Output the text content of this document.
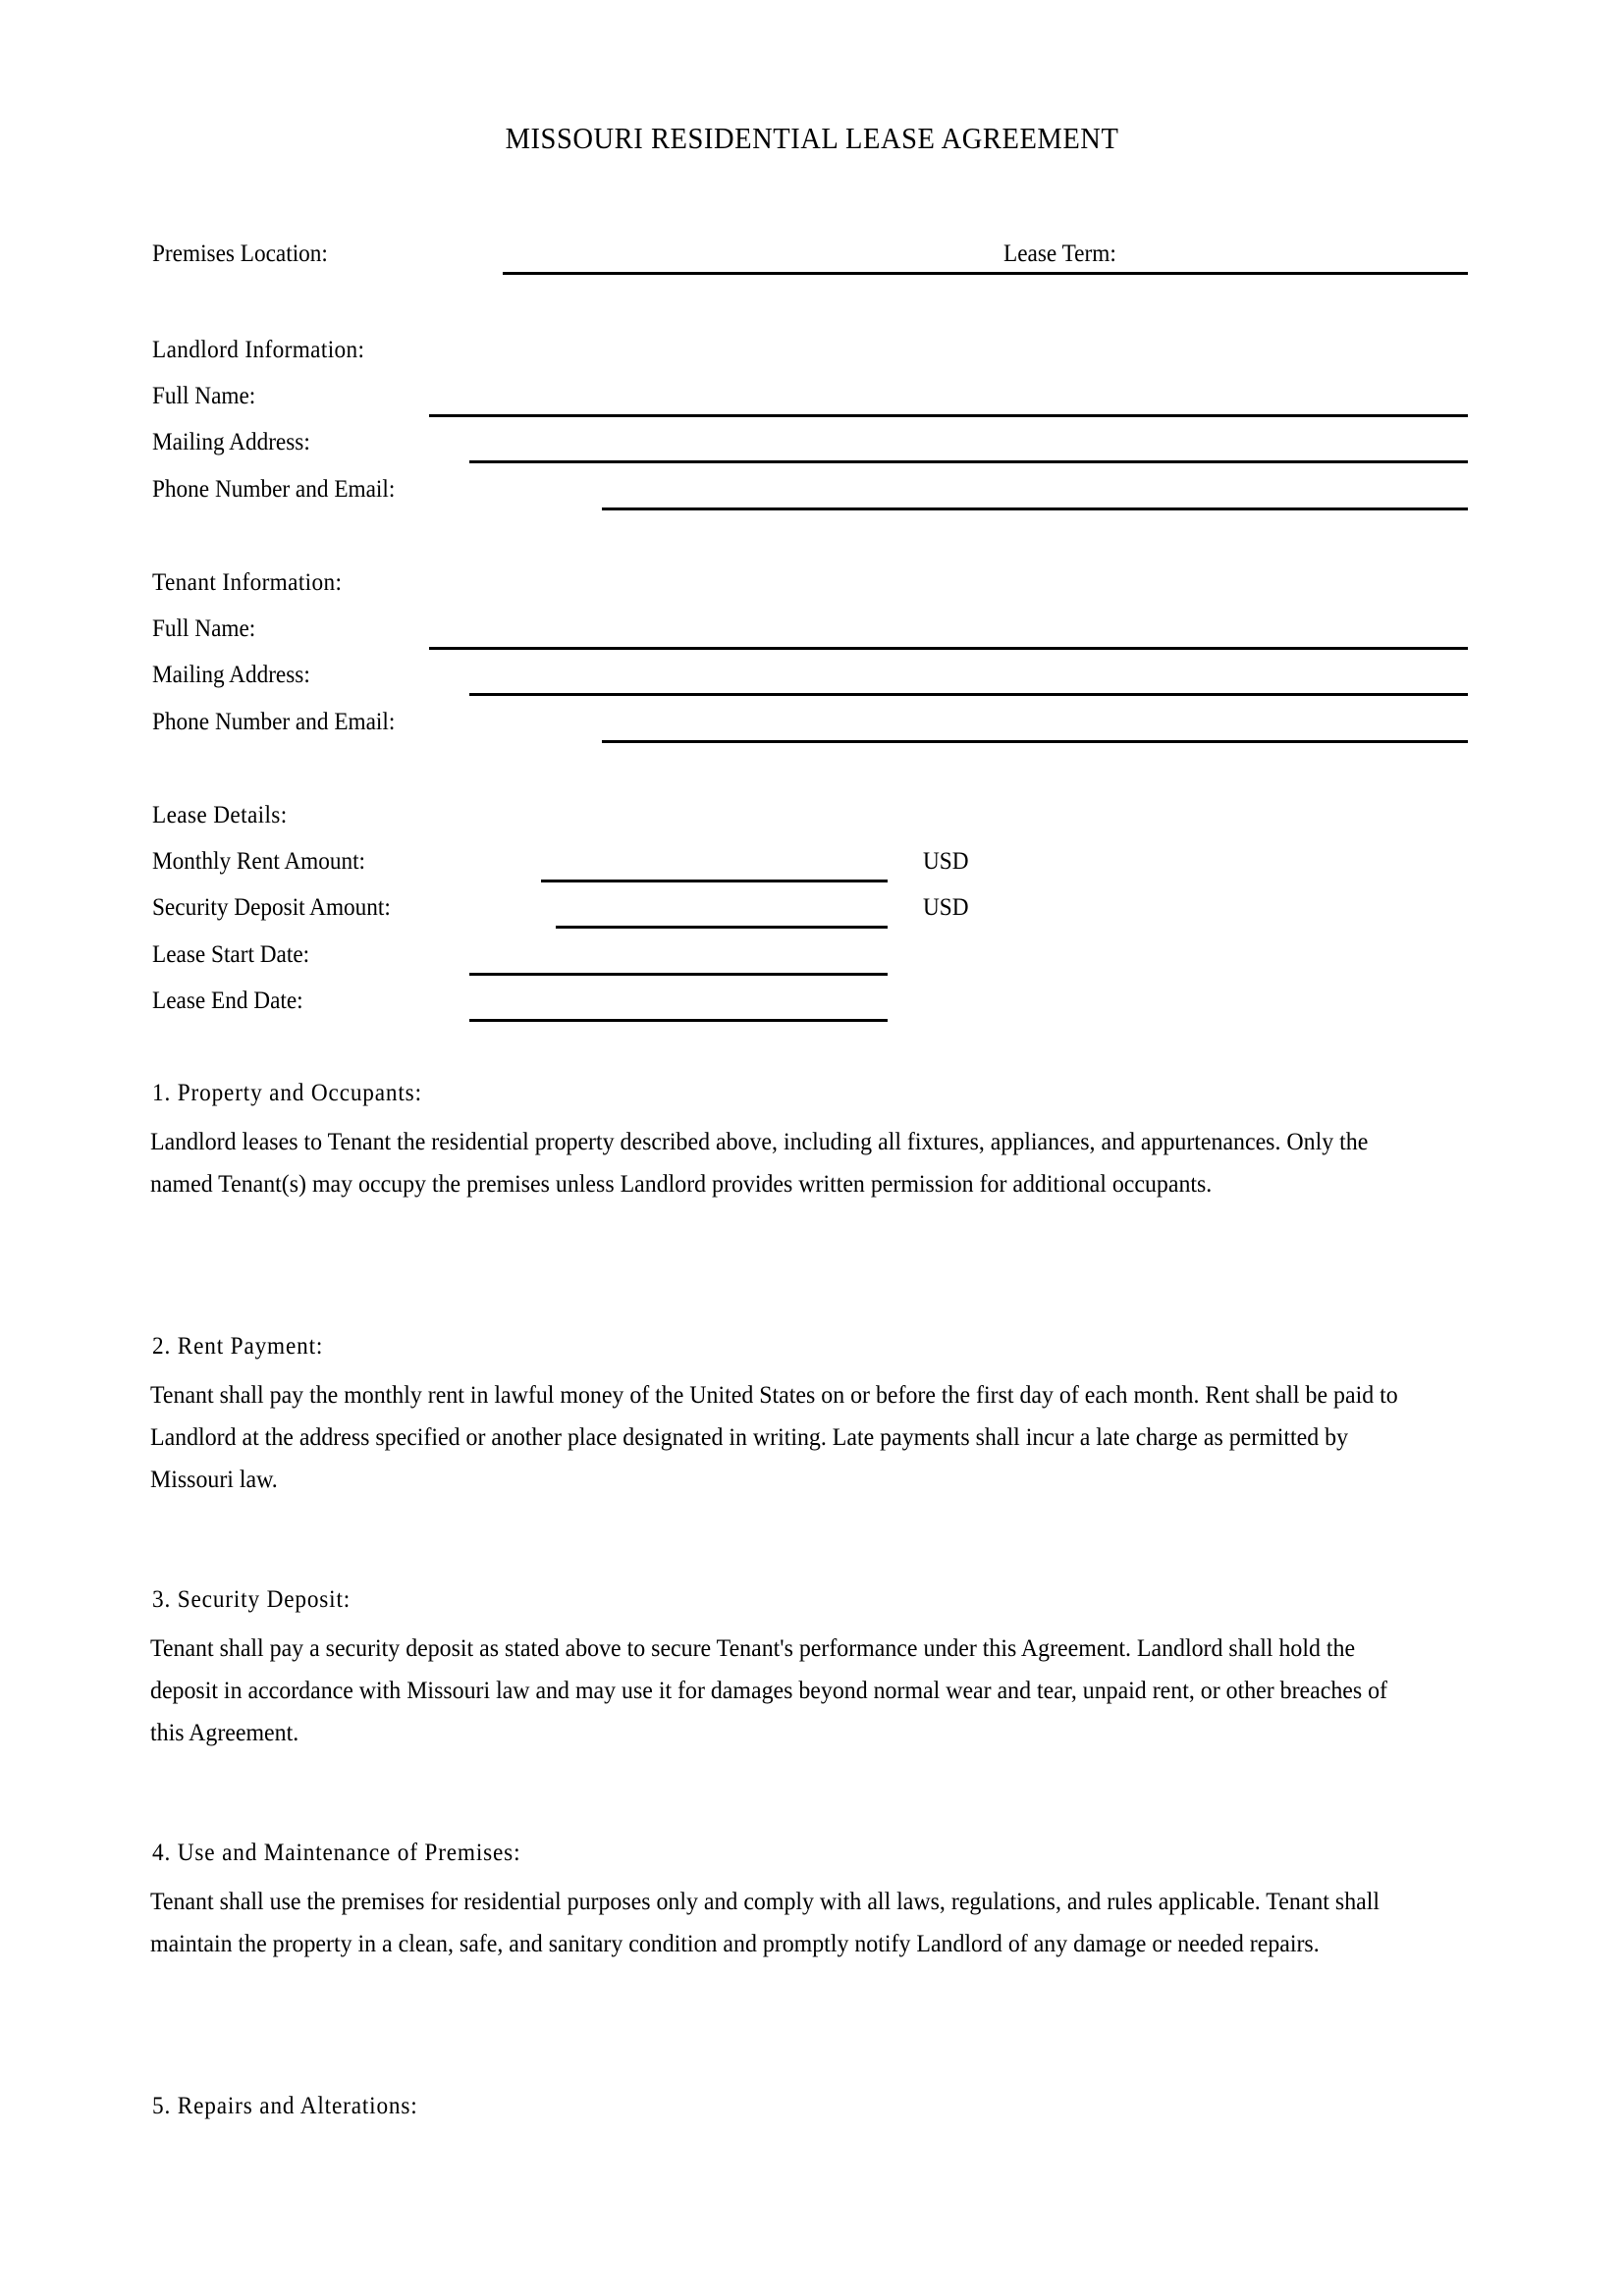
MISSOURI RESIDENTIAL LEASE AGREEMENT
Premises Location:	Lease Term:
Landlord Information:
Full Name:
Mailing Address:
Phone Number and Email:
Tenant Information:
Full Name:
Mailing Address:
Phone Number and Email:
Lease Details:
Monthly Rent Amount:	USD
Security Deposit Amount:	USD
Lease Start Date:
Lease End Date:
1. Property and Occupants:
Landlord leases to Tenant the residential property described above, including all fixtures, appliances, and appurtenances. Only the named Tenant(s) may occupy the premises unless Landlord provides written permission for additional occupants.
2. Rent Payment:
Tenant shall pay the monthly rent in lawful money of the United States on or before the first day of each month. Rent shall be paid to Landlord at the address specified or another place designated in writing. Late payments shall incur a late charge as permitted by Missouri law.
3. Security Deposit:
Tenant shall pay a security deposit as stated above to secure Tenant's performance under this Agreement. Landlord shall hold the deposit in accordance with Missouri law and may use it for damages beyond normal wear and tear, unpaid rent, or other breaches of this Agreement.
4. Use and Maintenance of Premises:
Tenant shall use the premises for residential purposes only and comply with all laws, regulations, and rules applicable. Tenant shall maintain the property in a clean, safe, and sanitary condition and promptly notify Landlord of any damage or needed repairs.
5. Repairs and Alterations:
